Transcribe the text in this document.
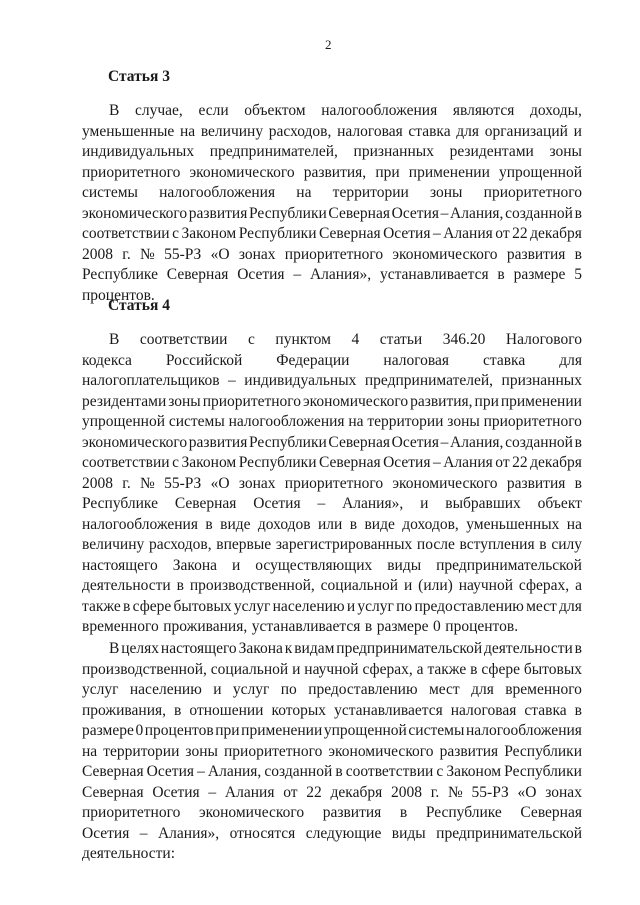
2
Статья 3
В случае, если объектом налогообложения являются доходы,
уменьшенные на величину расходов, налоговая ставка для организаций и
индивидуальных предпринимателей, признанных резидентами зоны
приоритетного экономического развития, при применении упрощенной
системы налогообложения на территории зоны приоритетного
экономического развития Республики Северная Осетия – Алания, созданной в
соответствии с Законом Республики Северная Осетия – Алания от 22 декабря
2008 г. № 55-РЗ «О зонах приоритетного экономического развития в
Республике Северная Осетия – Алания», устанавливается в размере 5
процентов.
Статья 4
В соответствии с пунктом 4 статьи 346.20 Налогового
кодекса Российской Федерации налоговая ставка для
налогоплательщиков – индивидуальных предпринимателей, признанных
резидентами зоны приоритетного экономического развития, при применении
упрощенной системы налогообложения на территории зоны приоритетного
экономического развития Республики Северная Осетия – Алания, созданной в
соответствии с Законом Республики Северная Осетия – Алания от 22 декабря
2008 г. № 55-РЗ «О зонах приоритетного экономического развития в
Республике Северная Осетия – Алания», и выбравших объект
налогообложения в виде доходов или в виде доходов, уменьшенных на
величину расходов, впервые зарегистрированных после вступления в силу
настоящего Закона и осуществляющих виды предпринимательской
деятельности в производственной, социальной и (или) научной сферах, а
также в сфере бытовых услуг населению и услуг по предоставлению мест для
временного проживания, устанавливается в размере 0 процентов.
В целях настоящего Закона к видам предпринимательской деятельности в
производственной, социальной и научной сферах, а также в сфере бытовых
услуг населению и услуг по предоставлению мест для временного
проживания, в отношении которых устанавливается налоговая ставка в
размере 0 процентов при применении упрощенной системы налогообложения
на территории зоны приоритетного экономического развития Республики
Северная Осетия – Алания, созданной в соответствии с Законом Республики
Северная Осетия – Алания от 22 декабря 2008 г. № 55-РЗ «О зонах
приоритетного экономического развития в Республике Северная
Осетия – Алания», относятся следующие виды предпринимательской
деятельности:
